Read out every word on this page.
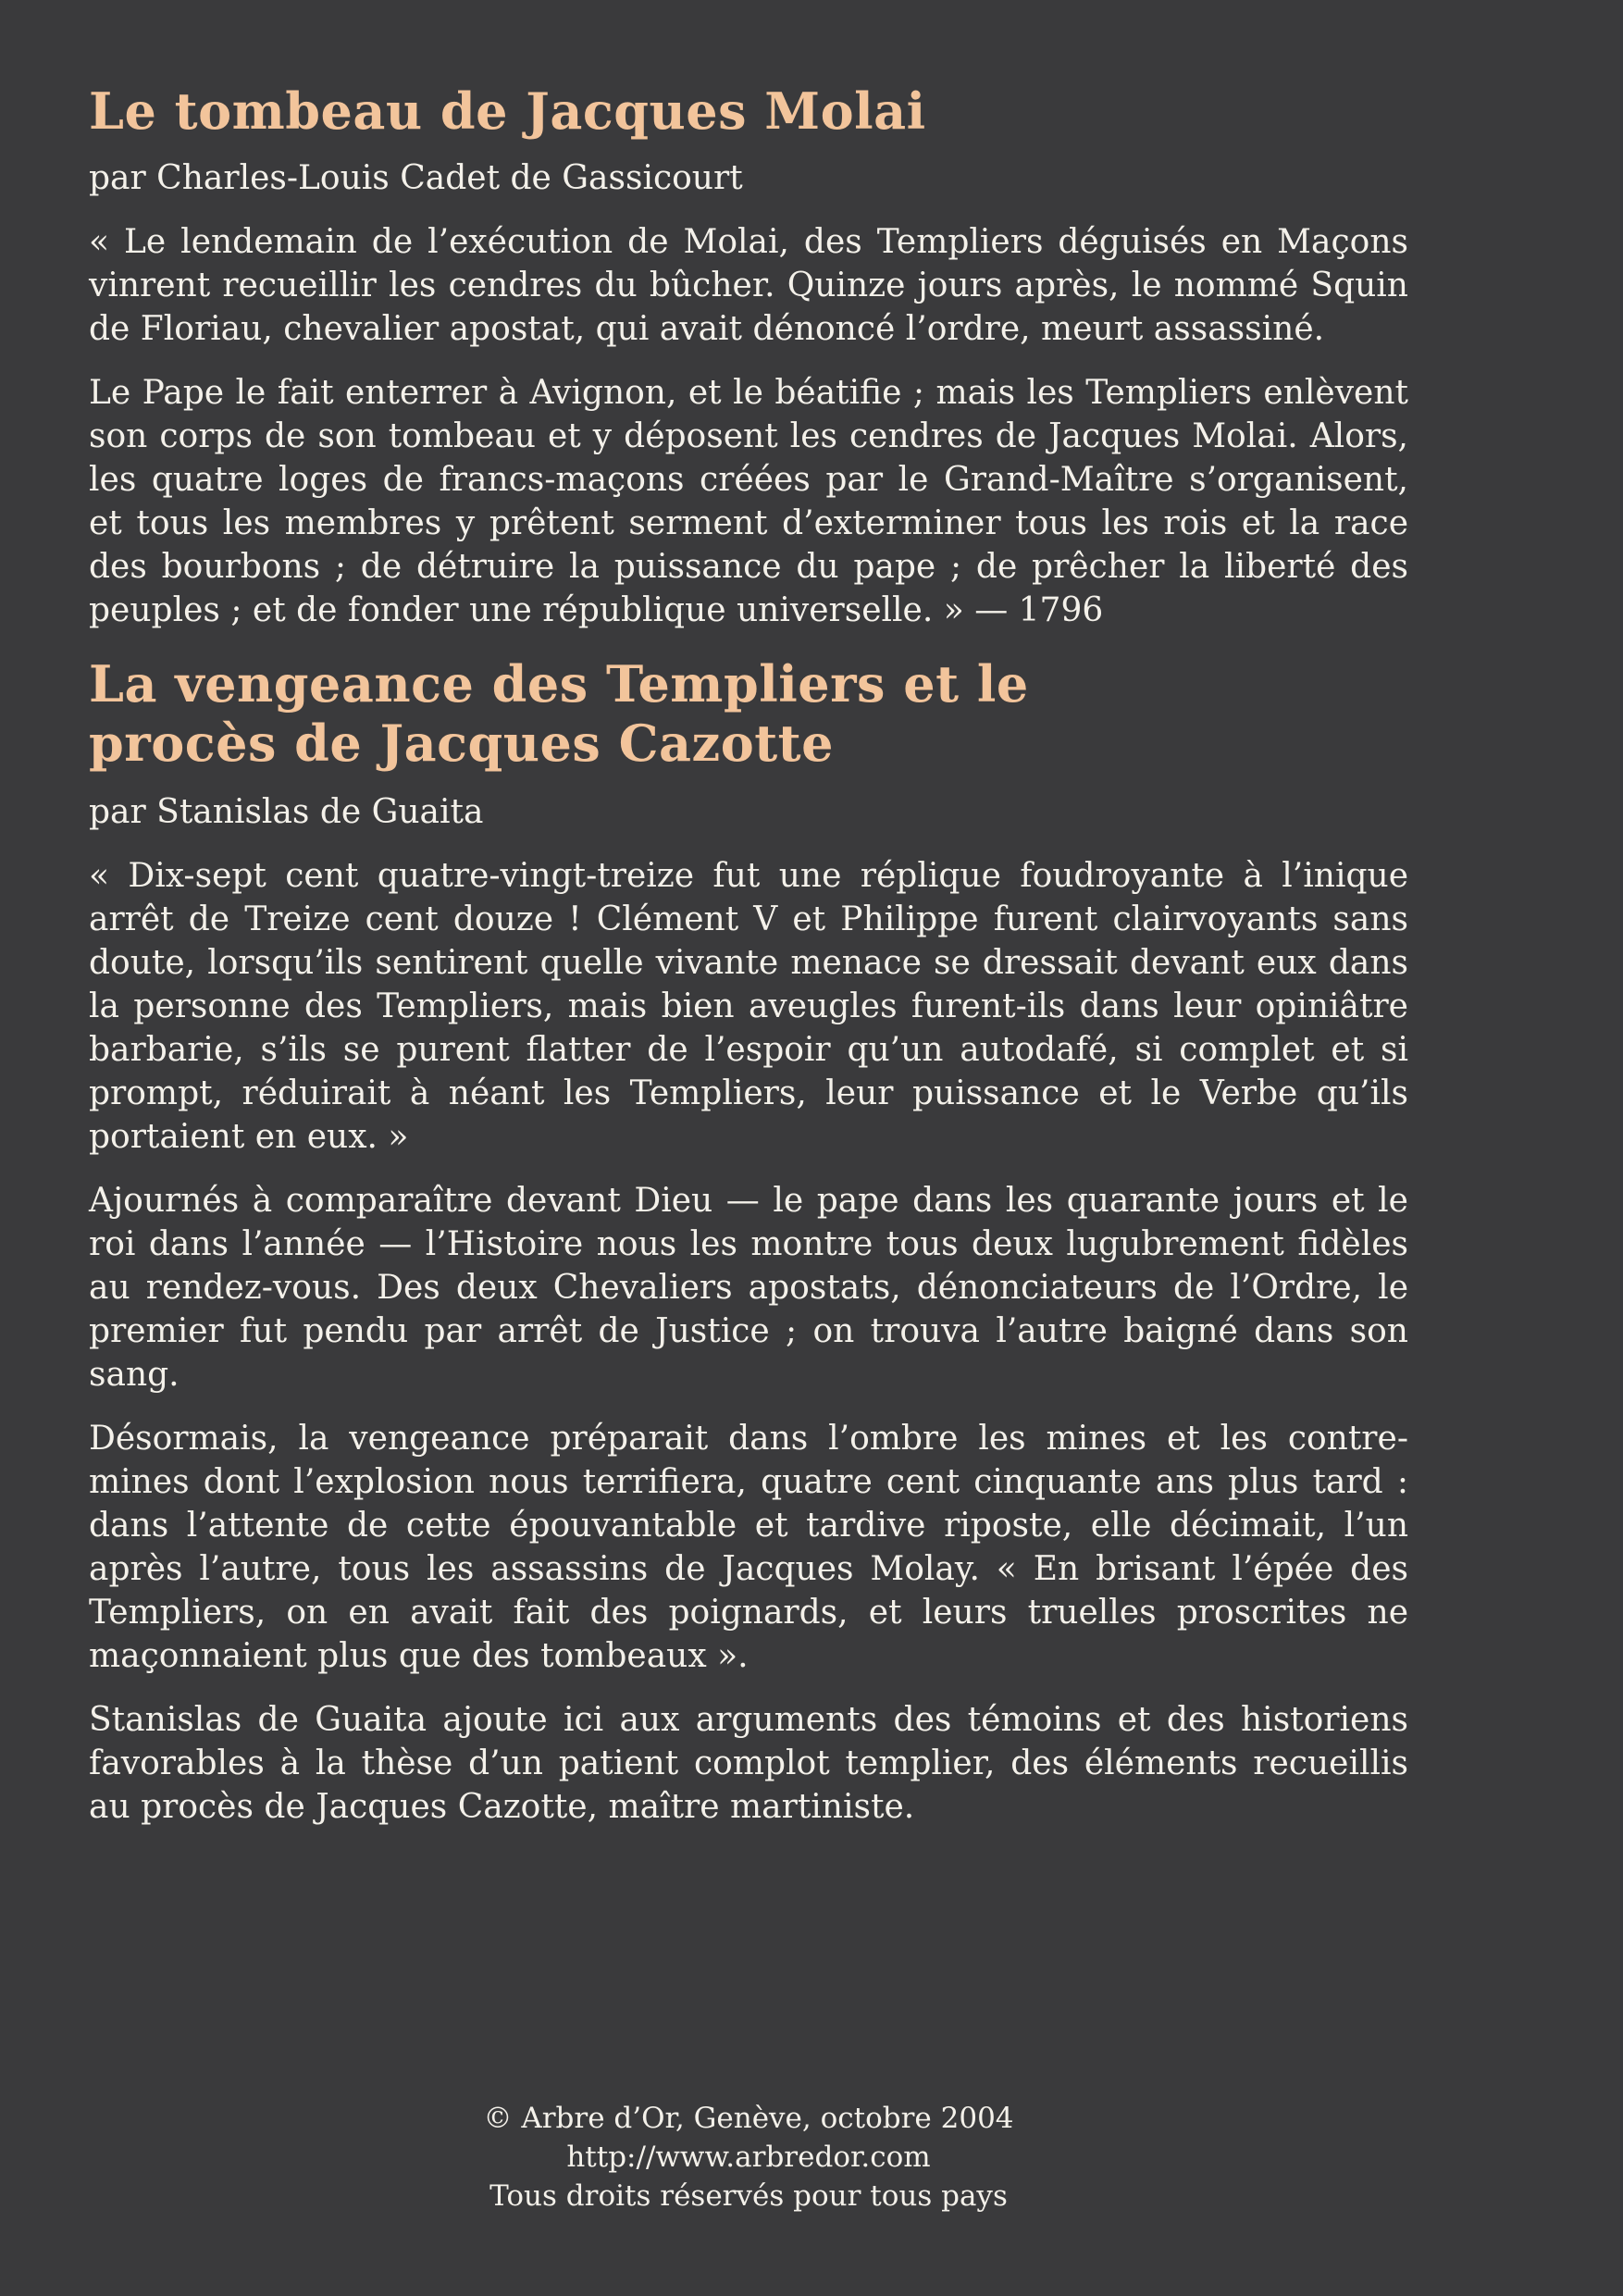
Le tombeau de Jacques Molai
par Charles-Louis Cadet de Gassicourt

« Le lendemain de l’exécution de Molai, des Templiers déguisés en Maçons vinrent recueillir les cendres du bûcher. Quinze jours après, le nommé Squin de Floriau, chevalier apostat, qui avait dénoncé l’ordre, meurt assassiné.

Le Pape le fait enterrer à Avignon, et le béatifie ; mais les Templiers enlèvent son corps de son tombeau et y déposent les cendres de Jacques Molai. Alors, les quatre loges de francs-maçons créées par le Grand-Maître s’organisent, et tous les membres y prêtent serment d’exterminer tous les rois et la race des bourbons ; de détruire la puissance du pape ; de prêcher la liberté des peuples ; et de fonder une république universelle. » — 1796

La vengeance des Templiers et le
procès de Jacques Cazotte
par Stanislas de Guaita

« Dix-sept cent quatre-vingt-treize fut une réplique foudroyante à l’inique arrêt de Treize cent douze ! Clément V et Philippe furent clairvoyants sans doute, lorsqu’ils sentirent quelle vivante menace se dressait devant eux dans la personne des Templiers, mais bien aveugles furent-ils dans leur opiniâtre barbarie, s’ils se purent flatter de l’espoir qu’un autodafé, si complet et si prompt, réduirait à néant les Templiers, leur puissance et le Verbe qu’ils portaient en eux. »

Ajournés à comparaître devant Dieu — le pape dans les quarante jours et le roi dans l’année — l’Histoire nous les montre tous deux lugubrement fidèles au rendez-vous. Des deux Chevaliers apostats, dénonciateurs de l’Ordre, le premier fut pendu par arrêt de Justice ; on trouva l’autre baigné dans son sang.

Désormais, la vengeance préparait dans l’ombre les mines et les contre-mines dont l’explosion nous terrifiera, quatre cent cinquante ans plus tard : dans l’attente de cette épouvantable et tardive riposte, elle décimait, l’un après l’autre, tous les assassins de Jacques Molay. « En brisant l’épée des Templiers, on en avait fait des poignards, et leurs truelles proscrites ne maçonnaient plus que des tombeaux ».

Stanislas de Guaita ajoute ici aux arguments des témoins et des historiens favorables à la thèse d’un patient complot templier, des éléments recueillis au procès de Jacques Cazotte, maître martiniste.

© Arbre d’Or, Genève, octobre 2004
http://www.arbredor.com
Tous droits réservés pour tous pays
